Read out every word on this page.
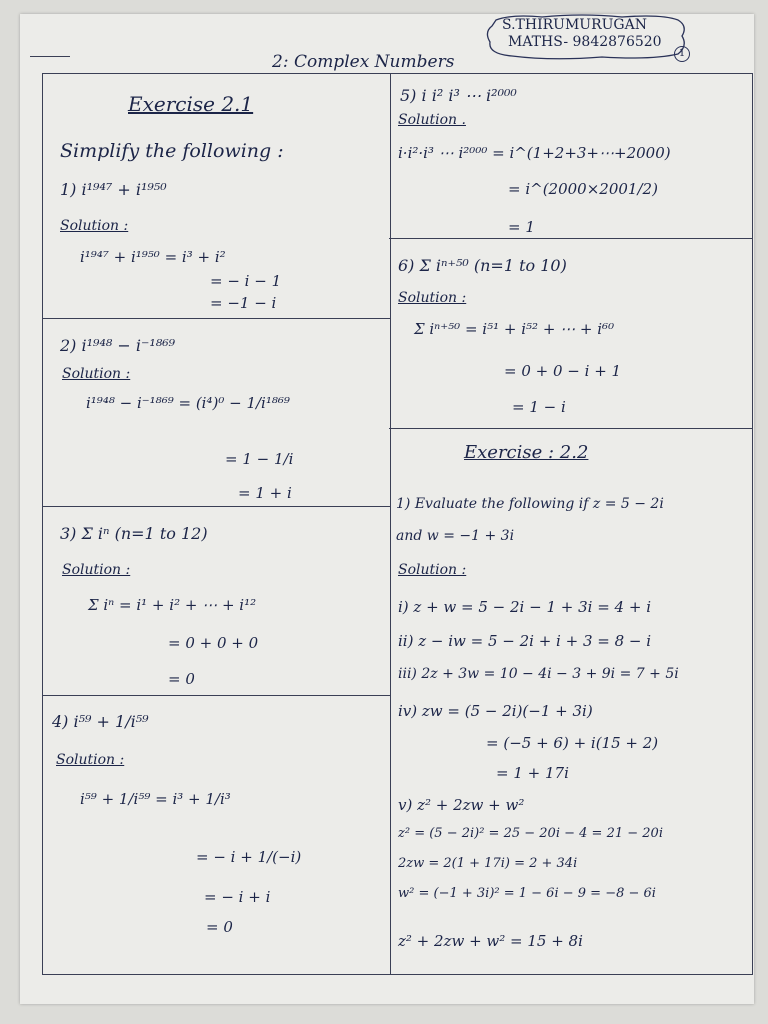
S.THIRUMURUGAN
MATHS- 9842876520
1
2: Complex Numbers
Exercise 2.1
Simplify the following :
1) i¹⁹⁴⁷ + i¹⁹⁵⁰
Solution :
i¹⁹⁴⁷ + i¹⁹⁵⁰ = i³ + i²
= − i − 1
= −1 − i
2) i¹⁹⁴⁸ − i⁻¹⁸⁶⁹
Solution :
i¹⁹⁴⁸ − i⁻¹⁸⁶⁹ = (i⁴)⁰ − 1/i¹⁸⁶⁹
= 1 − 1/i
= 1 + i
3) Σ iⁿ (n=1 to 12)
Solution :
Σ iⁿ = i¹ + i² + ⋯ + i¹²
= 0 + 0 + 0
= 0
4) i⁵⁹ + 1/i⁵⁹
Solution :
i⁵⁹ + 1/i⁵⁹ = i³ + 1/i³
= − i + 1/(−i)
= − i + i
= 0
5) i i² i³ ⋯ i²⁰⁰⁰
Solution .
i·i²·i³ ⋯ i²⁰⁰⁰ = i^(1+2+3+⋯+2000)
= i^(2000×2001/2)
= 1
6) Σ iⁿ⁺⁵⁰ (n=1 to 10)
Solution :
Σ iⁿ⁺⁵⁰ = i⁵¹ + i⁵² + ⋯ + i⁶⁰
= 0 + 0 − i + 1
= 1 − i
Exercise : 2.2
1) Evaluate the following if z = 5 − 2i
and w = −1 + 3i
Solution :
i) z + w = 5 − 2i − 1 + 3i = 4 + i
ii) z − iw = 5 − 2i + i + 3 = 8 − i
iii) 2z + 3w = 10 − 4i − 3 + 9i = 7 + 5i
iv) zw = (5 − 2i)(−1 + 3i)
= (−5 + 6) + i(15 + 2)
= 1 + 17i
v) z² + 2zw + w²
z² = (5 − 2i)² = 25 − 20i − 4 = 21 − 20i
2zw = 2(1 + 17i) = 2 + 34i
w² = (−1 + 3i)² = 1 − 6i − 9 = −8 − 6i
z² + 2zw + w² = 15 + 8i
